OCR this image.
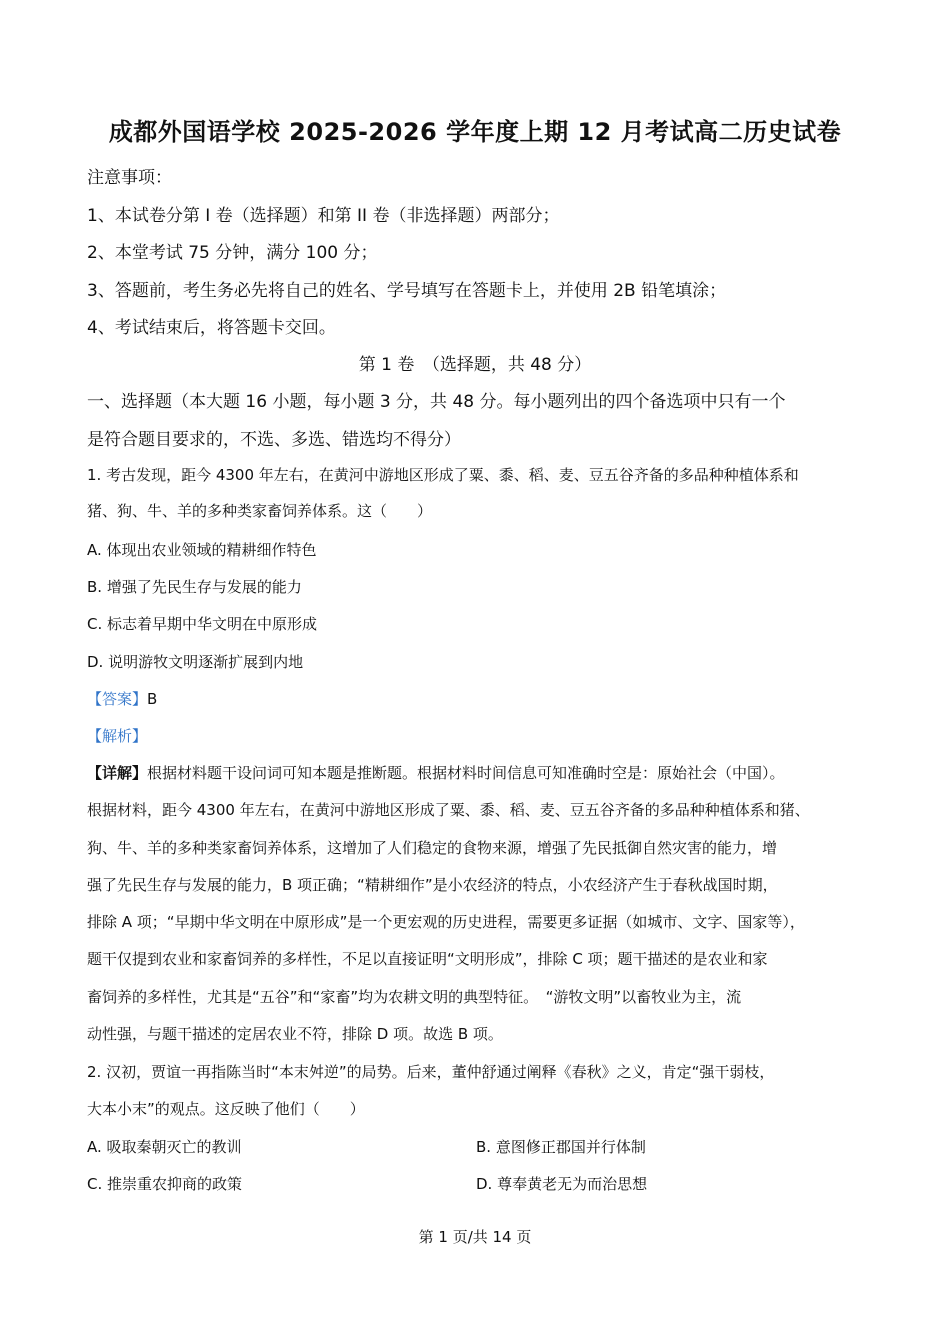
成都外国语学校 2025-2026 学年度上期 12 月考试高二历史试卷
注意事项：
1、本试卷分第 I 卷（选择题）和第 II 卷（非选择题）两部分；
2、本堂考试 75 分钟，满分 100 分；
3、答题前，考生务必先将自己的姓名、学号填写在答题卡上，并使用 2B 铅笔填涂；
4、考试结束后，将答题卡交回。
第 1 卷　（选择题，共 48 分）
一、选择题（本大题 16 小题，每小题 3 分，共 48 分。每小题列出的四个备选项中只有一个
是符合题目要求的，不选、多选、错选均不得分）
1. 考古发现，距今 4300 年左右，在黄河中游地区形成了粟、黍、稻、麦、豆五谷齐备的多品种种植体系和
猪、狗、牛、羊的多种类家畜饲养体系。这（　　）
A. 体现出农业领域的精耕细作特色
B. 增强了先民生存与发展的能力
C. 标志着早期中华文明在中原形成
D. 说明游牧文明逐渐扩展到内地
【答案】B
【解析】
【详解】根据材料题干设问词可知本题是推断题。根据材料时间信息可知准确时空是：原始社会（中国）。
根据材料，距今 4300 年左右，在黄河中游地区形成了粟、黍、稻、麦、豆五谷齐备的多品种种植体系和猪、
狗、牛、羊的多种类家畜饲养体系，这增加了人们稳定的食物来源，增强了先民抵御自然灾害的能力，增
强了先民生存与发展的能力，B 项正确；“精耕细作”是小农经济的特点，小农经济产生于春秋战国时期，
排除 A 项；“早期中华文明在中原形成”是一个更宏观的历史进程，需要更多证据（如城市、文字、国家等），
题干仅提到农业和家畜饲养的多样性，不足以直接证明“文明形成”，排除 C 项；题干描述的是农业和家
畜饲养的多样性，尤其是“五谷”和“家畜”均为农耕文明的典型特征。　“游牧文明”以畜牧业为主，流
动性强，与题干描述的定居农业不符，排除 D 项。故选 B 项。
2. 汉初，贾谊一再指陈当时“本末舛逆”的局势。后来，董仲舒通过阐释《春秋》之义，肯定“强干弱枝，
大本小末”的观点。这反映了他们（　　）
A. 吸取秦朝灭亡的教训	B. 意图修正郡国并行体制
C. 推崇重农抑商的政策	D. 尊奉黄老无为而治思想
第 1 页/共 14 页
